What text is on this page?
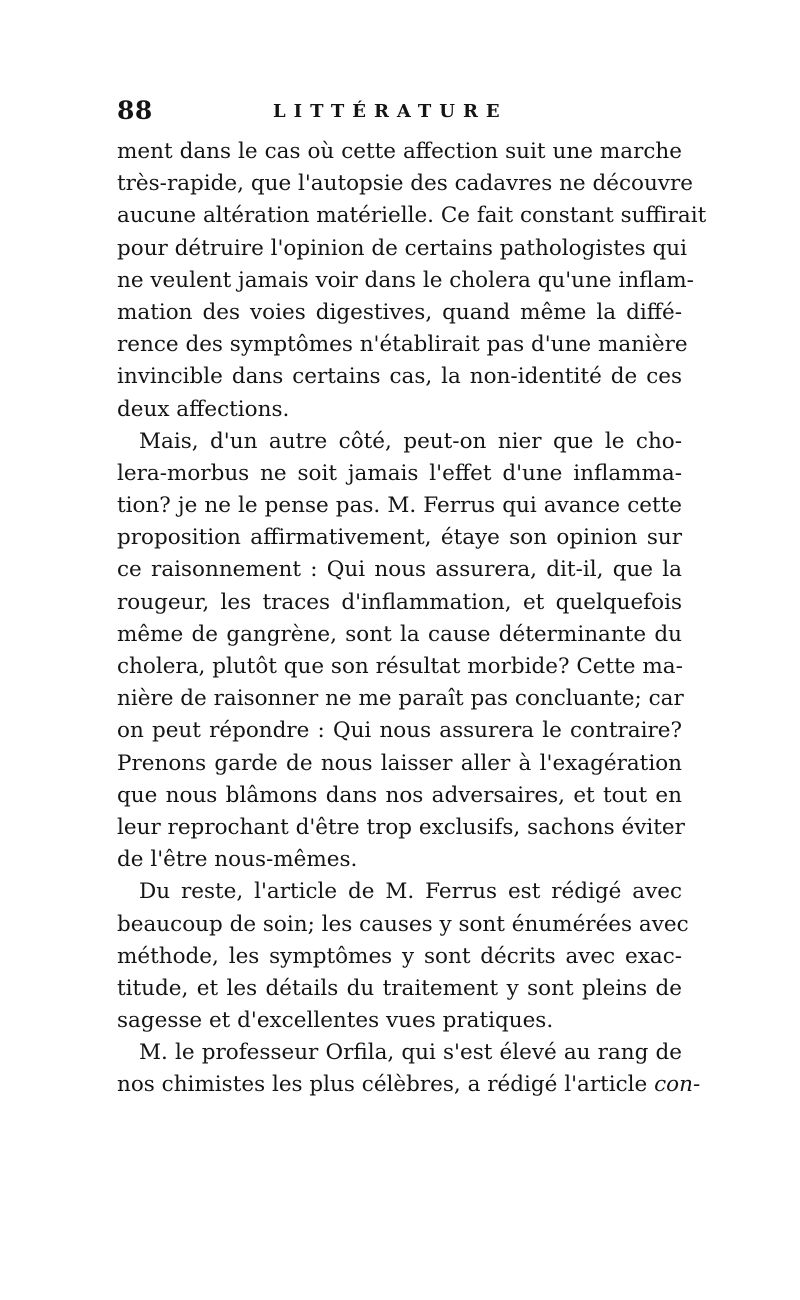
88	LITTÉRATURE
ment dans le cas où cette affection suit une marche
très-rapide, que l'autopsie des cadavres ne découvre
aucune altération matérielle. Ce fait constant suffirait
pour détruire l'opinion de certains pathologistes qui
ne veulent jamais voir dans le cholera qu'une inflam-
mation des voies digestives, quand même la diffé-
rence des symptômes n'établirait pas d'une manière
invincible dans certains cas, la non-identité de ces
deux affections.
Mais, d'un autre côté, peut-on nier que le cho-
lera-morbus ne soit jamais l'effet d'une inflamma-
tion? je ne le pense pas. M. Ferrus qui avance cette
proposition affirmativement, étaye son opinion sur
ce raisonnement : Qui nous assurera, dit-il, que la
rougeur, les traces d'inflammation, et quelquefois
même de gangrène, sont la cause déterminante du
cholera, plutôt que son résultat morbide? Cette ma-
nière de raisonner ne me paraît pas concluante; car
on peut répondre : Qui nous assurera le contraire?
Prenons garde de nous laisser aller à l'exagération
que nous blâmons dans nos adversaires, et tout en
leur reprochant d'être trop exclusifs, sachons éviter
de l'être nous-mêmes.
Du reste, l'article de M. Ferrus est rédigé avec
beaucoup de soin; les causes y sont énumérées avec
méthode, les symptômes y sont décrits avec exac-
titude, et les détails du traitement y sont pleins de
sagesse et d'excellentes vues pratiques.
M. le professeur Orfila, qui s'est élevé au rang de
nos chimistes les plus célèbres, a rédigé l'article con-
